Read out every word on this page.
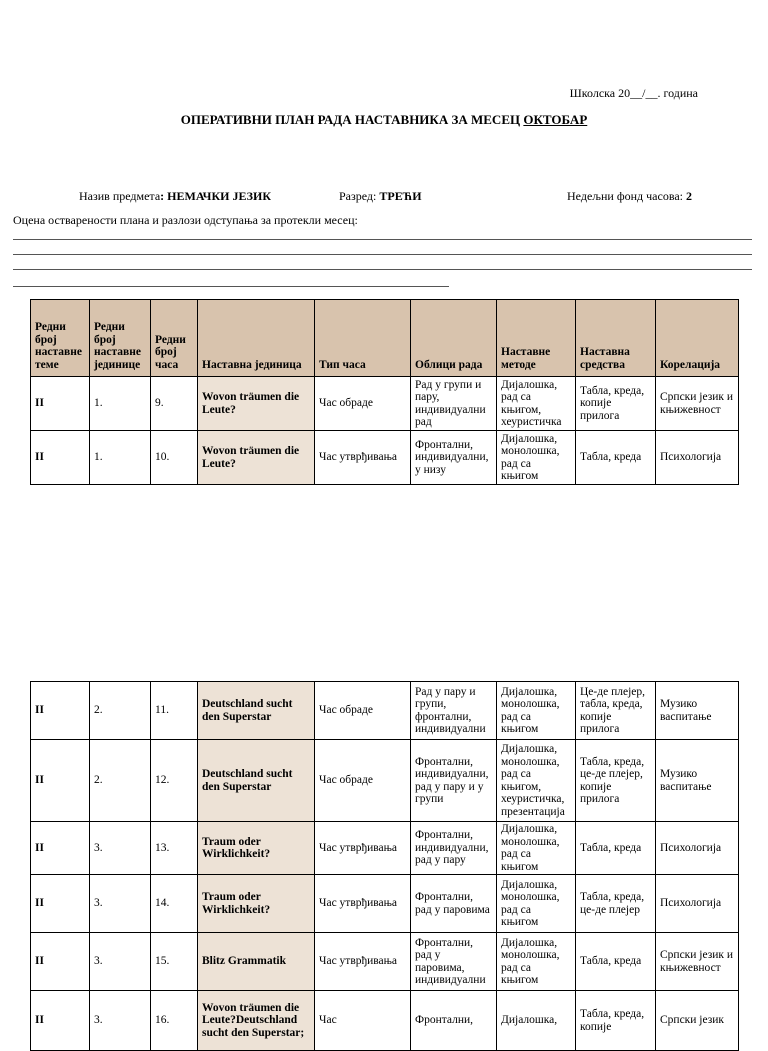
Школска 20__/__. година
ОПЕРАТИВНИ ПЛАН РАДА НАСТАВНИКА ЗА МЕСЕЦ ОКТОБАР
Назив предмета: НЕМАЧКИ ЈЕЗИК	Разред: ТРЕЋИ	Недељни фонд часова: 2
Оцена остварености плана и разлози одступања за протекли месец:
Редни број наставне теме	Редни број наставне јединице	Редни број часа	Наставна јединица	Тип часа	Облици рада	Наставне методе	Наставна средства	Корелација
II	1.	9.	Wovon träumen die Leute?	Час обраде	Рад у групи и пару, индивидуални рад	Дијалошка, рад са књигом, хеуристичка	Табла, креда, копије прилога	Српски језик и књижевност
II	1.	10.	Wovon träumen die Leute?	Час утврђивања	Фронтални, индивидуални, у низу	Дијалошка, монолошка, рад са књигом	Табла, креда	Психологија
II	2.	11.	Deutschland sucht den Superstar	Час обраде	Рад у пару и групи, фронтални, индивидуални	Дијалошка, монолошка, рад са књигом	Це-де плејер, табла, креда, копије прилога	Музико васпитање
II	2.	12.	Deutschland sucht den Superstar	Час обраде	Фронтални, индивидуални, рад у пару и у групи	Дијалошка, монолошка, рад са књигом, хеуристичка, презентација	Табла, креда, це-де плејер, копије прилога	Музико васпитање
II	3.	13.	Traum oder Wirklichkeit?	Час утврђивања	Фронтални, индивидуални, рад у пару	Дијалошка, монолошка, рад са књигом	Табла, креда	Психологија
II	3.	14.	Traum oder Wirklichkeit?	Час утврђивања	Фронтални, рад у паровима	Дијалошка, монолошка, рад са књигом	Табла, креда, це-де плејер	Психологија
II	3.	15.	Blitz Grammatik	Час утврђивања	Фронтални, рад у паровима, индивидуални	Дијалошка, монолошка, рад са књигом	Табла, креда	Српски језик и књижевност
II	3.	16.	Wovon träumen die Leute?Deutschland sucht den Superstar;	Час	Фронтални,	Дијалошка,	Табла, креда, копије	Српски језик
